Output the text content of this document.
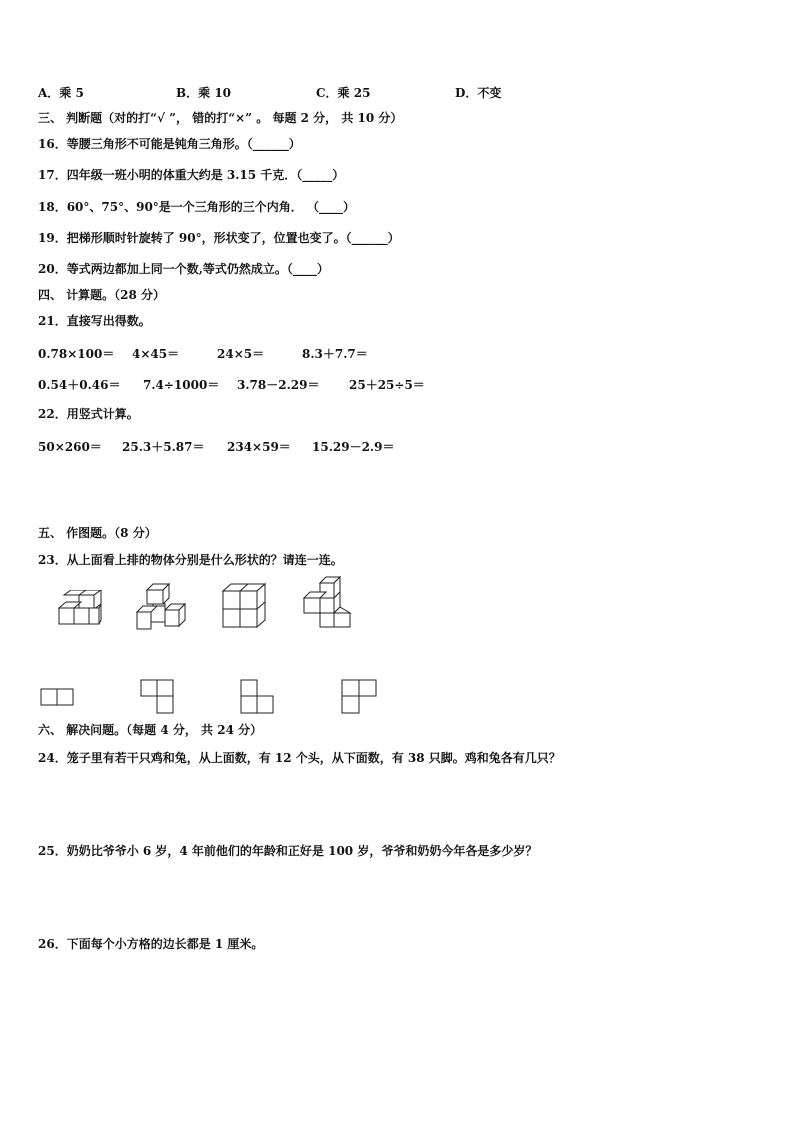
A．乘 5	B．乘 10	C．乘 25	D．不变
三、 判断题（对的打“√ ”， 错的打“×” 。 每题 2 分， 共 10 分）
16．等腰三角形不可能是钝角三角形。（______）
17．四年级一班小明的体重大约是 3.15 千克．（_____）
18．60°、75°、90°是一个三角形的三个内角． （____）
19．把梯形顺时针旋转了 90°，形状变了，位置也变了。（______）
20．等式两边都加上同一个数,等式仍然成立。（____）
四、 计算题。（28 分）
21．直接写出得数。
0.78×100＝ 4×45＝	24×5＝	8.3＋7.7＝
0.54＋0.46＝ 7.4÷1000＝ 3.78－2.29＝ 25＋25÷5＝
22．用竖式计算。
50×260＝ 25.3＋5.87＝ 234×59＝ 15.29－2.9＝
五、 作图题。（8 分）
23．从上面看上排的物体分别是什么形状的？请连一连。
六、 解决问题。（每题 4 分， 共 24 分）
24．笼子里有若干只鸡和兔，从上面数，有 12 个头，从下面数，有 38 只脚。鸡和兔各有几只？
25．奶奶比爷爷小 6 岁，4 年前他们的年龄和正好是 100 岁，爷爷和奶奶今年各是多少岁？
26．下面每个小方格的边长都是 1 厘米。
